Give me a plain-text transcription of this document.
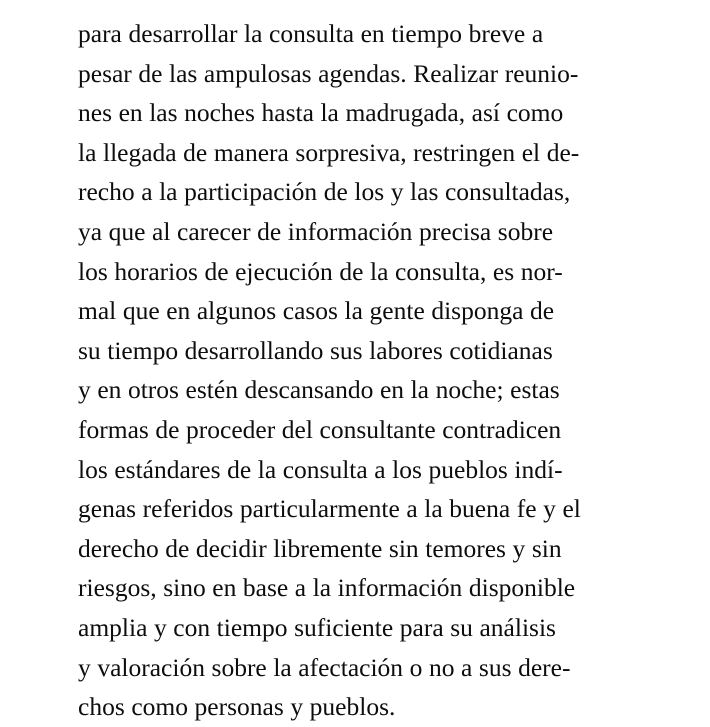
para desarrollar la consulta en tiempo breve a
pesar de las ampulosas agendas. Realizar reunio-
nes en las noches hasta la madrugada, así como
la llegada de manera sorpresiva, restringen el de-
recho a la participación de los y las consultadas,
ya que al carecer de información precisa sobre
los horarios de ejecución de la consulta, es nor-
mal que en algunos casos la gente disponga de
su tiempo desarrollando sus labores cotidianas
y en otros estén descansando en la noche; estas
formas de proceder del consultante contradicen
los estándares de la consulta a los pueblos indí-
genas referidos particularmente a la buena fe y el
derecho de decidir libremente sin temores y sin
riesgos, sino en base a la información disponible
amplia y con tiempo suficiente para su análisis
y valoración sobre la afectación o no a sus dere-
chos como personas y pueblos.
